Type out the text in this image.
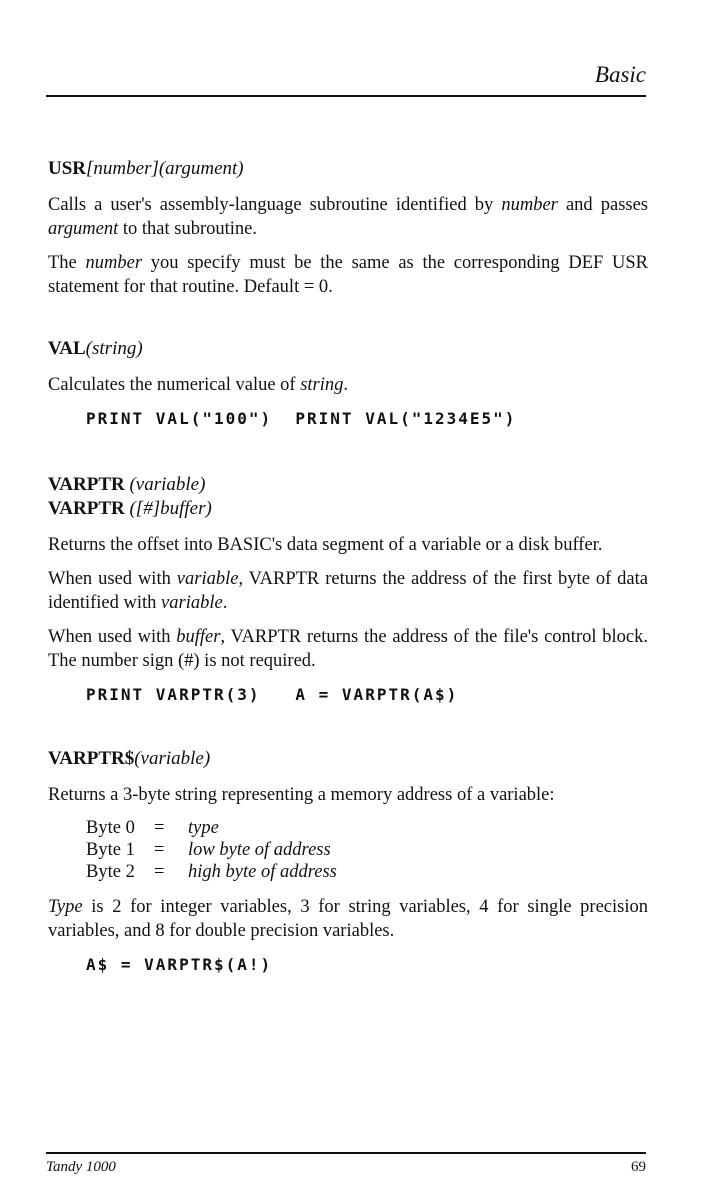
Basic
USR[number](argument)

Calls a user's assembly-language subroutine identified by number and passes argument to that subroutine.

The number you specify must be the same as the corresponding DEF USR statement for that routine. Default = 0.

VAL(string)

Calculates the numerical value of string.

PRINT VAL("100")  PRINT VAL("1234E5")
VARPTR (variable)
VARPTR ([#]buffer)

Returns the offset into BASIC's data segment of a variable or a disk buffer.

When used with variable, VARPTR returns the address of the first byte of data identified with variable.

When used with buffer, VARPTR returns the address of the file's control block. The number sign (#) is not required.

PRINT VARPTR(3)   A = VARPTR(A$)
VARPTR$(variable)

Returns a 3-byte string representing a memory address of a variable:

Byte 0	=	type
Byte 1	=	low byte of address
Byte 2	=	high byte of address

Type is 2 for integer variables, 3 for string variables, 4 for single precision variables, and 8 for double precision variables.

A$ = VARPTR$(A!)
Tandy 1000	69
